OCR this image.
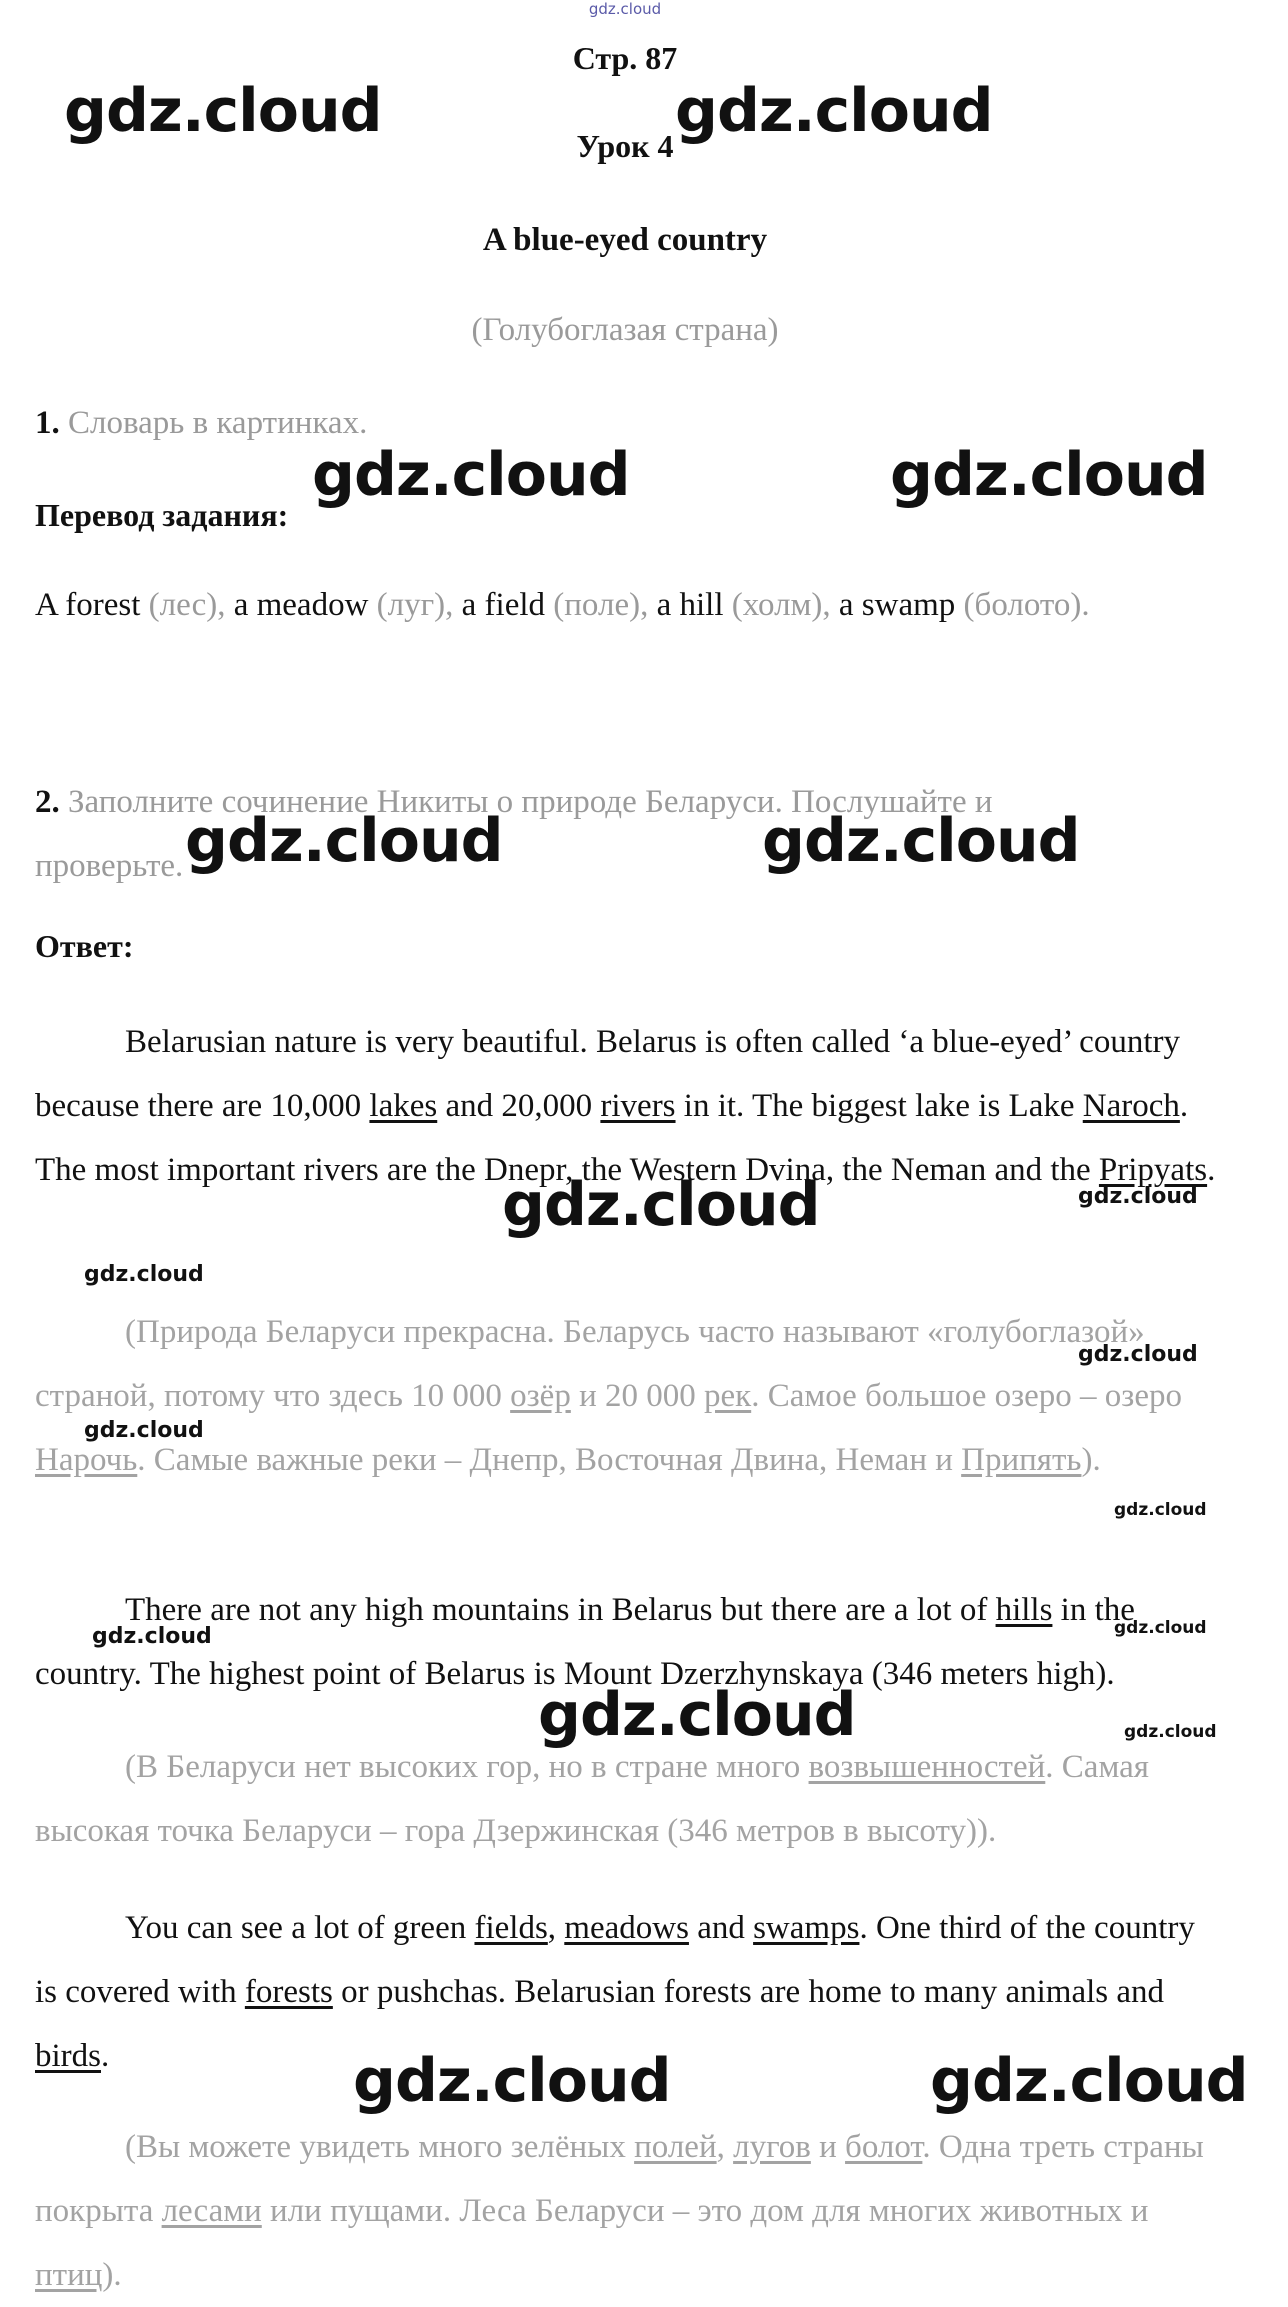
gdz.cloud
Стр. 87
Урок 4
A blue-eyed country
(Голубоглазая страна)
1. Словарь в картинках.
Перевод задания:
A forest (лес), a meadow (луг), a field (поле), a hill (холм), a swamp (болото).
2. Заполните сочинение Никиты о природе Беларуси. Послушайте и
проверьте.
Ответ:
Belarusian nature is very beautiful. Belarus is often called ‘a blue-eyed’ country because there are 10,000 lakes and 20,000 rivers in it. The biggest lake is Lake Naroch. The most important rivers are the Dnepr, the Western Dvina, the Neman and the Pripyats.
(Природа Беларуси прекрасна. Беларусь часто называют «голубоглазой» страной, потому что здесь 10 000 озёр и 20 000 рек. Самое большое озеро – озеро Нарочь. Самые важные реки – Днепр, Восточная Двина, Неман и Припять).
There are not any high mountains in Belarus but there are a lot of hills in the country. The highest point of Belarus is Mount Dzerzhynskaya (346 meters high).
(В Беларуси нет высоких гор, но в стране много возвышенностей. Самая высокая точка Беларуси – гора Дзержинская (346 метров в высоту)).
You can see a lot of green fields, meadows and swamps. One third of the country is covered with forests or pushchas. Belarusian forests are home to many animals and birds.
(Вы можете увидеть много зелёных полей, лугов и болот. Одна треть страны покрыта лесами или пущами. Леса Беларуси – это дом для многих животных и птиц).
gdz.cloud	gdz.cloud
gdz.cloud	gdz.cloud
gdz.cloud	gdz.cloud
gdz.cloud
gdz.cloud
gdz.cloud	gdz.cloud
gdz.cloud
gdz.cloud
gdz.cloud
gdz.cloud
gdz.cloud
gdz.cloud
gdz.cloud
gdz.cloud
